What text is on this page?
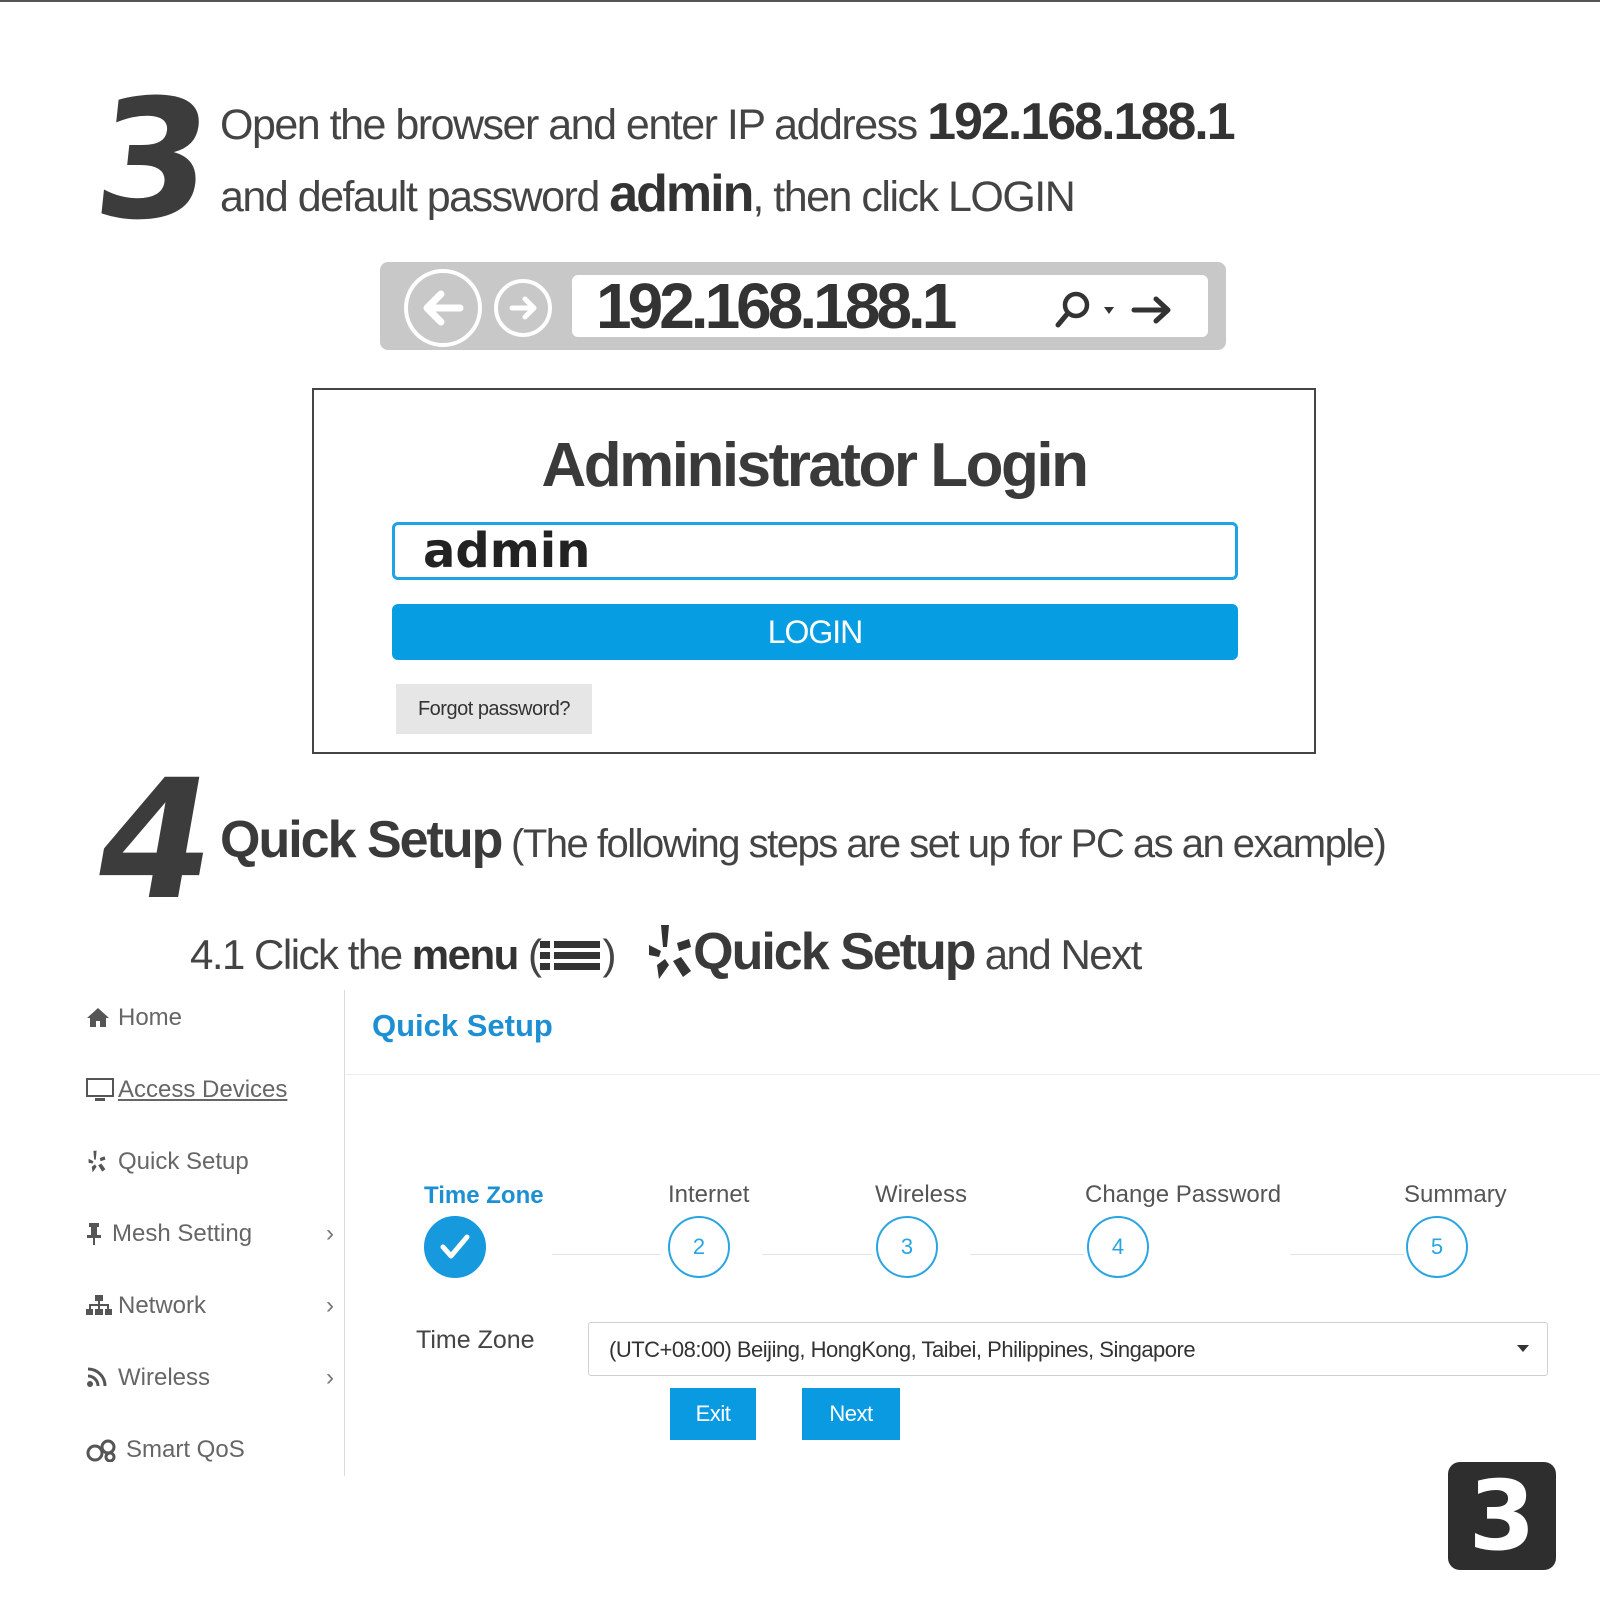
3 Open the browser and enter IP address 192.168.188.1
and default password admin, then click LOGIN
192.168.188.1
Administrator Login
admin
LOGIN
Forgot password?
4
Quick Setup (The following steps are set up for PC as an example)
4.1 Click the menu ( ) Quick Setup and Next
Home
Access Devices
Quick Setup
Mesh Setting	›
Network	›
Wireless	›
Smart QoS
Quick Setup
Time Zone	Internet
2
Wireless
3
Change Password
4
Summary
5
Time Zone	(UTC+08:00) Beijing, HongKong, Taibei, Philippines, Singapore
Exit	Next
3
